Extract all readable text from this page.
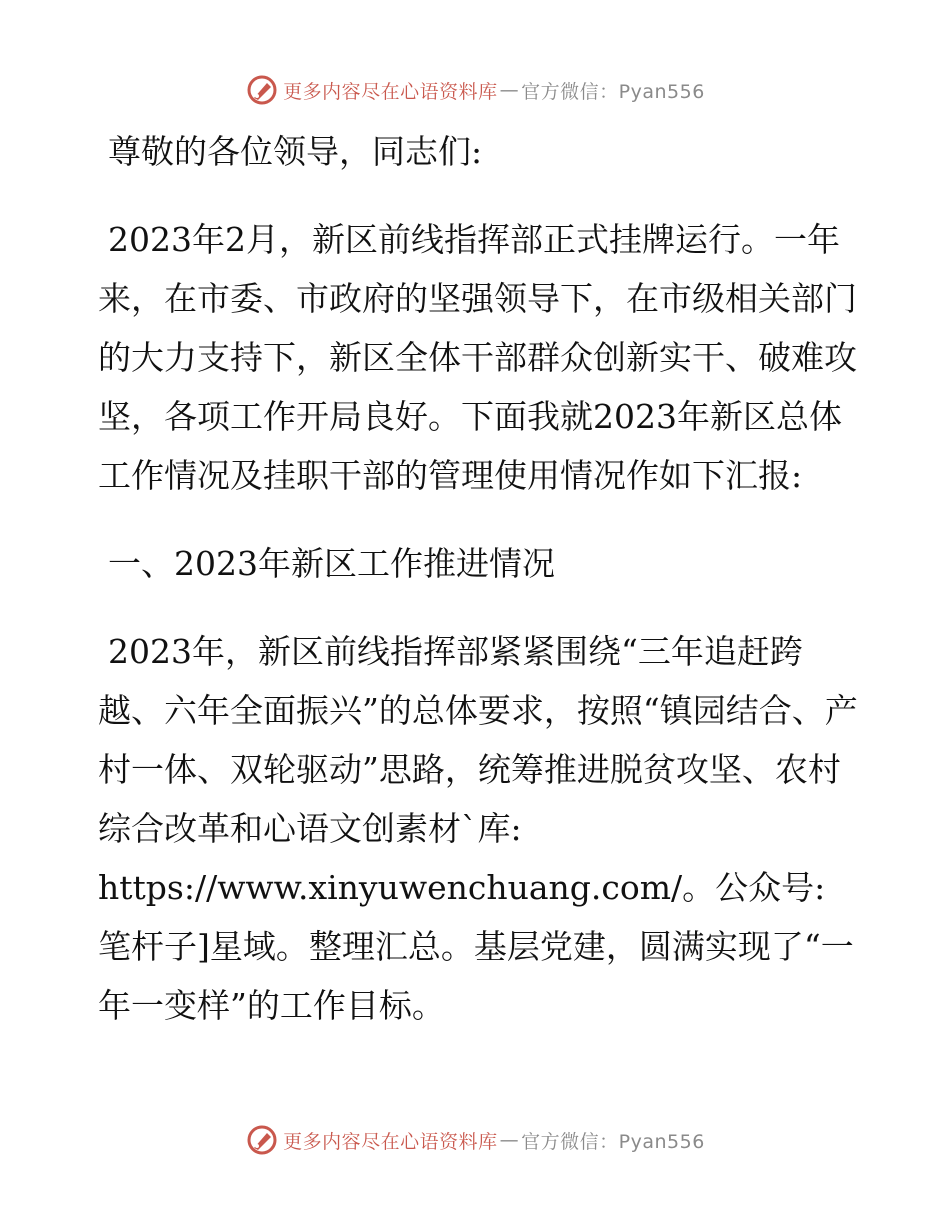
更多内容尽在心语资料库 — 官方微信：Pyan556

尊敬的各位领导，同志们:

2023年2月，新区前线指挥部正式挂牌运行。一年来，在市委、市政府的坚强领导下，在市级相关部门的大力支持下，新区全体干部群众创新实干、破难攻坚，各项工作开局良好。下面我就2023年新区总体工作情况及挂职干部的管理使用情况作如下汇报:

一、2023年新区工作推进情况

2023年，新区前线指挥部紧紧围绕“三年追赶跨越、六年全面振兴”的总体要求，按照“镇园结合、产村一体、双轮驱动”思路，统筹推进脱贫攻坚、农村综合改革和心语文创素材`库: https://www.xinyuwenchuang.com/。公众号: 笔杆子]星域。整理汇总。基层党建，圆满实现了“一年一变样”的工作目标。

更多内容尽在心语资料库 — 官方微信：Pyan556
